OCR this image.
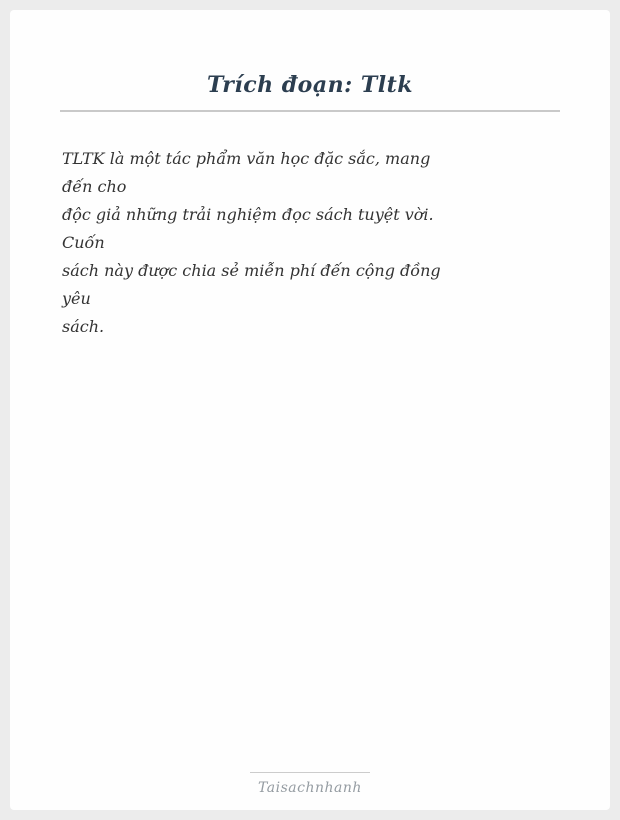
Trích đoạn: Tltk
TLTK là một tác phẩm văn học đặc sắc, mang
đến cho
độc giả những trải nghiệm đọc sách tuyệt vời.
Cuốn
sách này được chia sẻ miễn phí đến cộng đồng
yêu
sách.
Taisachnhanh
